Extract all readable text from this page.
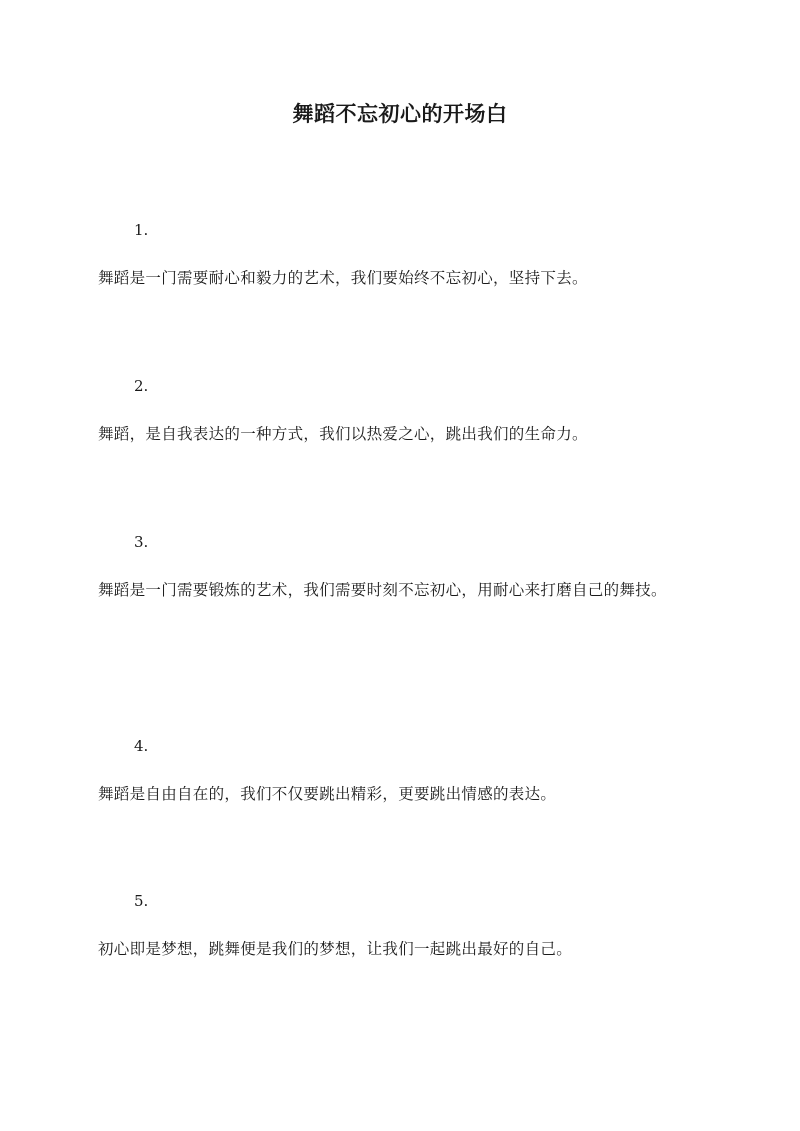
舞蹈不忘初心的开场白
1.

舞蹈是一门需要耐心和毅力的艺术，我们要始终不忘初心，坚持下去。

2.

舞蹈，是自我表达的一种方式，我们以热爱之心，跳出我们的生命力。

3.

舞蹈是一门需要锻炼的艺术，我们需要时刻不忘初心，用耐心来打磨自己的舞技。

4.

舞蹈是自由自在的，我们不仅要跳出精彩，更要跳出情感的表达。

5.

初心即是梦想，跳舞便是我们的梦想，让我们一起跳出最好的自己。
